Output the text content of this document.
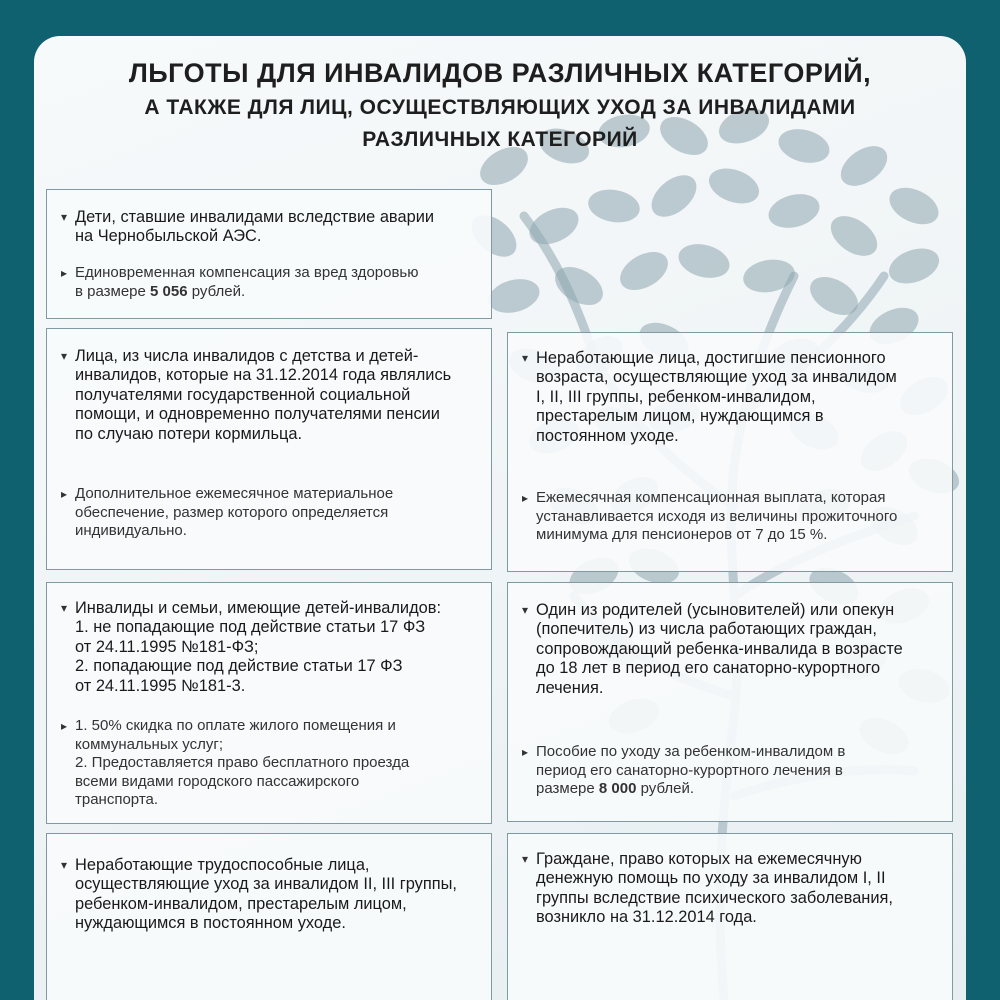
ЛЬГОТЫ ДЛЯ ИНВАЛИДОВ РАЗЛИЧНЫХ КАТЕГОРИЙ,

А ТАКЖЕ ДЛЯ ЛИЦ, ОСУЩЕСТВЛЯЮЩИХ УХОД ЗА ИНВАЛИДАМИ

РАЗЛИЧНЫХ КАТЕГОРИЙ

▾ Дети, ставшие инвалидами вследствие аварии
на Чернобыльской АЭС.
▸ Единовременная компенсация за вред здоровью
в размере 5 056 рублей.
▾ Лица, из числа инвалидов с детства и детей-
инвалидов, которые на 31.12.2014 года являлись
получателями государственной социальной
помощи, и одновременно получателями пенсии
по случаю потери кормильца.
▸ Дополнительное ежемесячное материальное
обеспечение, размер которого определяется
индивидуально.
▾ Неработающие лица, достигшие пенсионного
возраста, осуществляющие уход за инвалидом
I, II, III группы, ребенком-инвалидом,
престарелым лицом, нуждающимся в
постоянном уходе.
▸ Ежемесячная компенсационная выплата, которая
устанавливается исходя из величины прожиточного
минимума для пенсионеров от 7 до 15 %.
▾ Инвалиды и семьи, имеющие детей-инвалидов:
1. не попадающие под действие статьи 17 ФЗ
от 24.11.1995 №181-ФЗ;
2. попадающие под действие статьи 17 ФЗ
от 24.11.1995 №181-3.
▸ 1. 50% скидка по оплате жилого помещения и
коммунальных услуг;
2. Предоставляется право бесплатного проезда
всеми видами городского пассажирского
транспорта.
▾ Один из родителей (усыновителей) или опекун
(попечитель) из числа работающих граждан,
сопровождающий ребенка-инвалида в возрасте
до 18 лет в период его санаторно-курортного
лечения.
▸ Пособие по уходу за ребенком-инвалидом в
период его санаторно-курортного лечения в
размере 8 000 рублей.
▾ Неработающие трудоспособные лица,
осуществляющие уход за инвалидом II, III группы,
ребенком-инвалидом, престарелым лицом,
нуждающимся в постоянном уходе.
▾ Граждане, право которых на ежемесячную
денежную помощь по уходу за инвалидом I, II
группы вследствие психического заболевания,
возникло на 31.12.2014 года.
